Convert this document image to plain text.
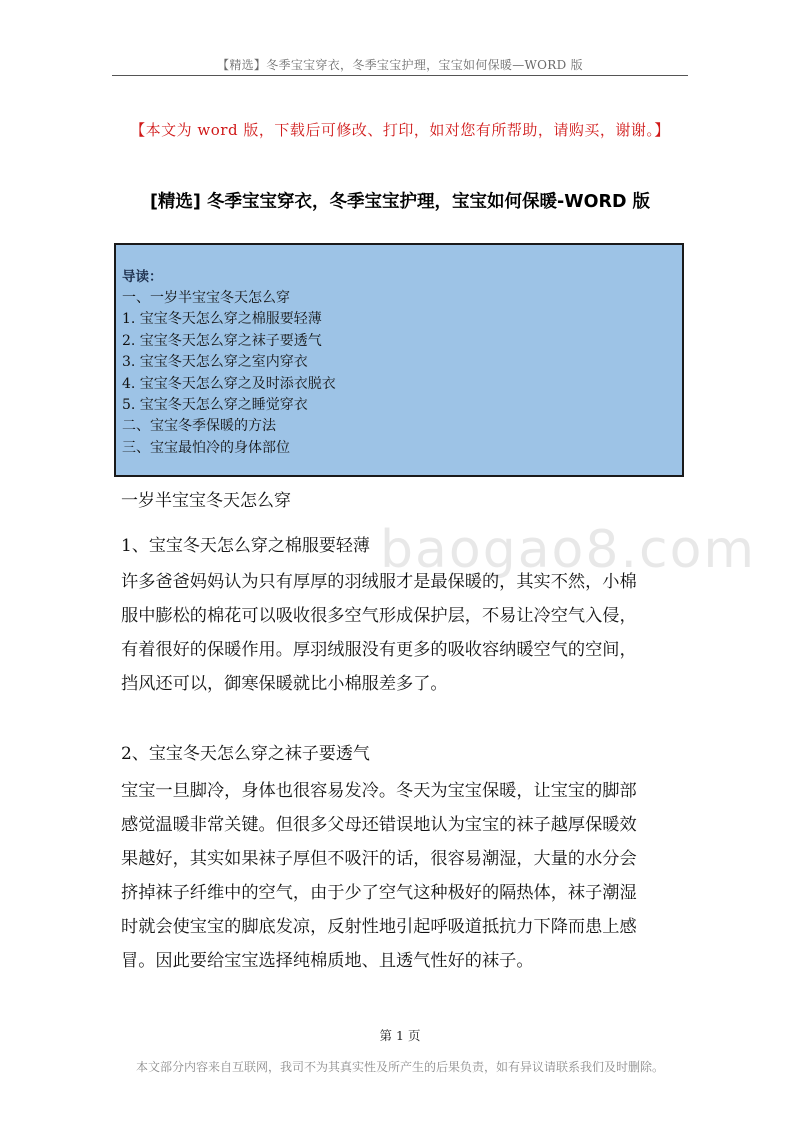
【精选】冬季宝宝穿衣，冬季宝宝护理，宝宝如何保暖—WORD 版
【本文为 word 版，下载后可修改、打印，如对您有所帮助，请购买，谢谢。】
[精选] 冬季宝宝穿衣，冬季宝宝护理，宝宝如何保暖-WORD 版
导读：
一、一岁半宝宝冬天怎么穿
1. 宝宝冬天怎么穿之棉服要轻薄
2. 宝宝冬天怎么穿之袜子要透气
3. 宝宝冬天怎么穿之室内穿衣
4. 宝宝冬天怎么穿之及时添衣脱衣
5. 宝宝冬天怎么穿之睡觉穿衣
二、宝宝冬季保暖的方法
三、宝宝最怕冷的身体部位
baogao8.com
一岁半宝宝冬天怎么穿
1、宝宝冬天怎么穿之棉服要轻薄
许多爸爸妈妈认为只有厚厚的羽绒服才是最保暖的，其实不然，小棉
服中膨松的棉花可以吸收很多空气形成保护层，不易让冷空气入侵，
有着很好的保暖作用。厚羽绒服没有更多的吸收容纳暖空气的空间，
挡风还可以，御寒保暖就比小棉服差多了。
2、宝宝冬天怎么穿之袜子要透气
宝宝一旦脚冷，身体也很容易发冷。冬天为宝宝保暖，让宝宝的脚部
感觉温暖非常关键。但很多父母还错误地认为宝宝的袜子越厚保暖效
果越好，其实如果袜子厚但不吸汗的话，很容易潮湿，大量的水分会
挤掉袜子纤维中的空气，由于少了空气这种极好的隔热体，袜子潮湿
时就会使宝宝的脚底发凉，反射性地引起呼吸道抵抗力下降而患上感
冒。因此要给宝宝选择纯棉质地、且透气性好的袜子。
第 1 页
本文部分内容来自互联网，我司不为其真实性及所产生的后果负责，如有异议请联系我们及时删除。
